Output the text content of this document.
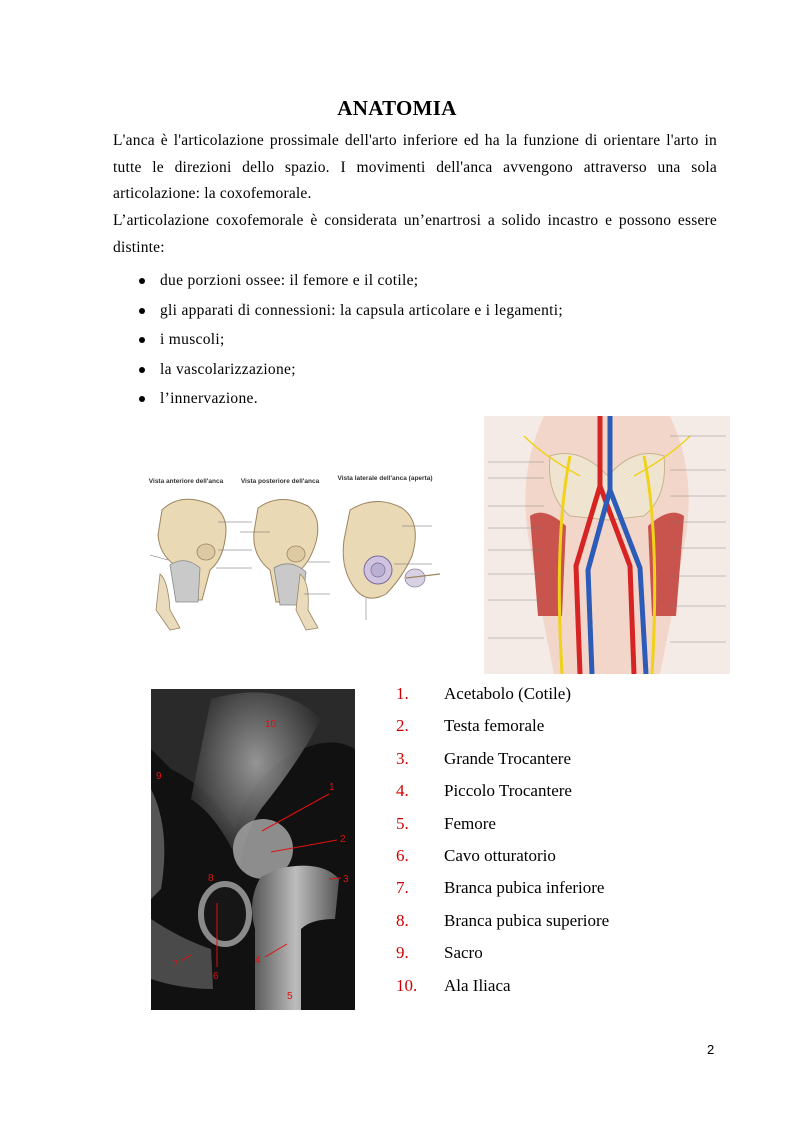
ANATOMIA
L'anca è l'articolazione prossimale dell'arto inferiore ed ha la funzione di orientare l'arto in tutte le direzioni dello spazio. I movimenti dell'anca avvengono attraverso una sola articolazione: la coxofemorale.
L’articolazione coxofemorale è considerata un’enartrosi a solido incastro e possono essere distinte:
due porzioni ossee: il femore e il cotile;
gli apparati di connessioni: la capsula articolare e i legamenti;
i muscoli;
la vascolarizzazione;
l’innervazione.
Vista anteriore dell'anca	Vista posteriore dell'anca	Vista laterale dell'anca (aperta)
1
2
3
4
5
6
7
8
9
10
1. Acetabolo (Cotile)
2. Testa femorale
3. Grande Trocantere
4. Piccolo Trocantere
5. Femore
6. Cavo otturatorio
7. Branca pubica inferiore
8. Branca pubica superiore
9. Sacro
10. Ala Iliaca
2
